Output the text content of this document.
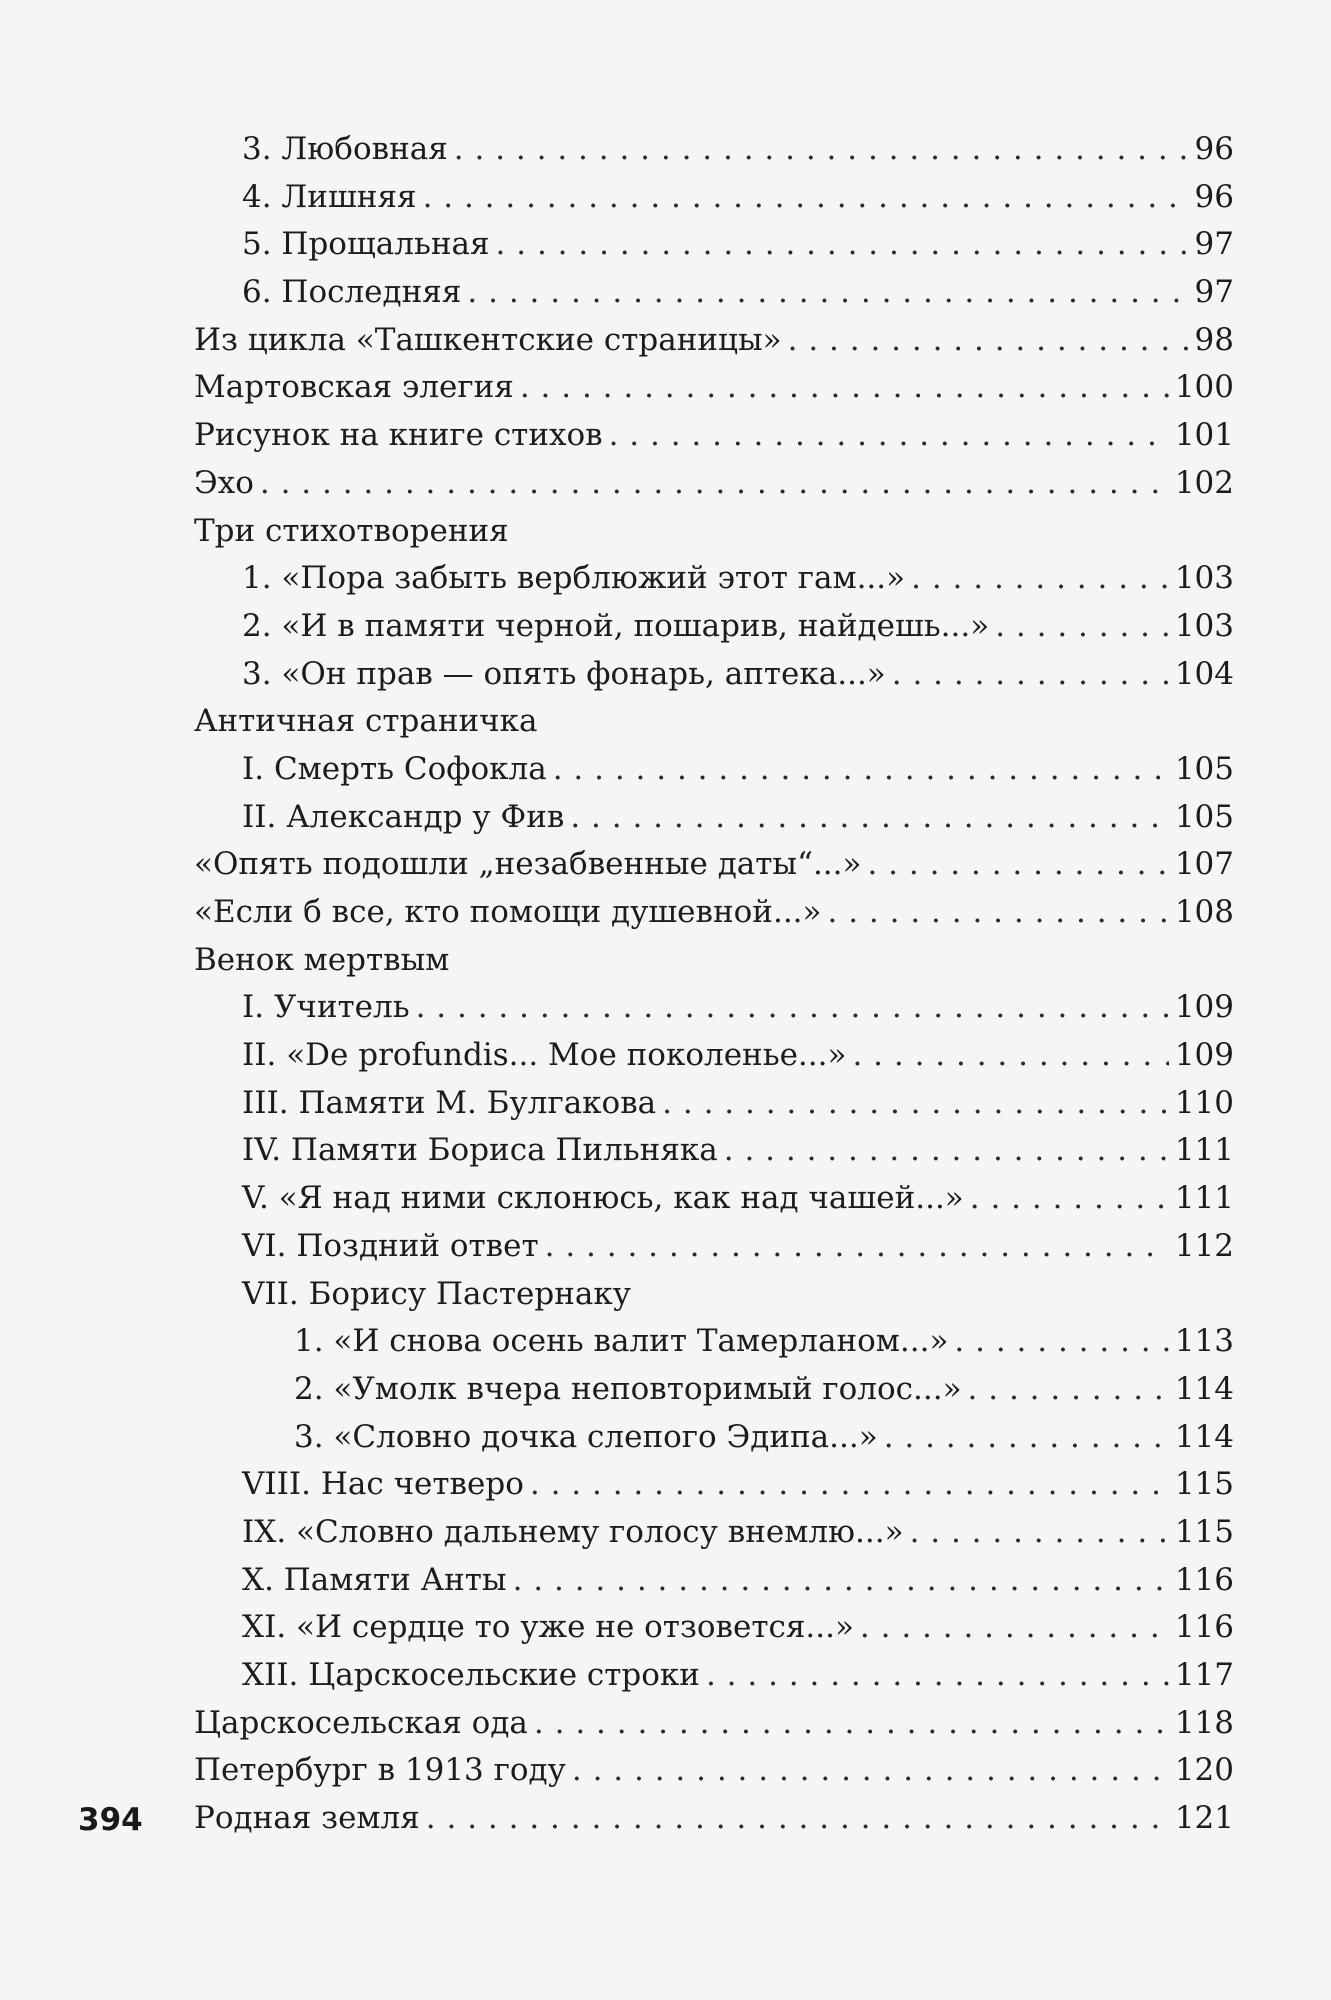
3. Любовная . . .	96
4. Лишняя . . .	96
5. Прощальная . . .	97
6. Последняя . . .	97
Из цикла «Ташкентские страницы» . . .	98
Мартовская элегия . . .	100
Рисунок на книге стихов . . .	101
Эхо . . .	102
Три стихотворения
1. «Пора забыть верблюжий этот гам...» . . .	103
2. «И в памяти черной, пошарив, найдешь...» . . .	103
3. «Он прав — опять фонарь, аптека...» . . .	104
Античная страничка
I. Смерть Софокла . . .	105
II. Александр у Фив . . .	105
«Опять подошли „незабвенные даты“...» . . .	107
«Если б все, кто помощи душевной...» . . .	108
Венок мертвым
I. Учитель . . .	109
II. «De profundis... Мое поколенье...» . . .	109
III. Памяти М. Булгакова . . .	110
IV. Памяти Бориса Пильняка . . .	111
V. «Я над ними склонюсь, как над чашей...» . . .	111
VI. Поздний ответ . . .	112
VII. Борису Пастернаку
1. «И снова осень валит Тамерланом...» . . .	113
2. «Умолк вчера неповторимый голос...» . . .	114
3. «Словно дочка слепого Эдипа...» . . .	114
VIII. Нас четверо . . .	115
IX. «Словно дальнему голосу внемлю...» . . .	115
X. Памяти Анты . . .	116
XI. «И сердце то уже не отзовется...» . . .	116
XII. Царскосельские строки . . .	117
Царскосельская ода . . .	118
Петербург в 1913 году . . .	120
Родная земля . . .	121
394
